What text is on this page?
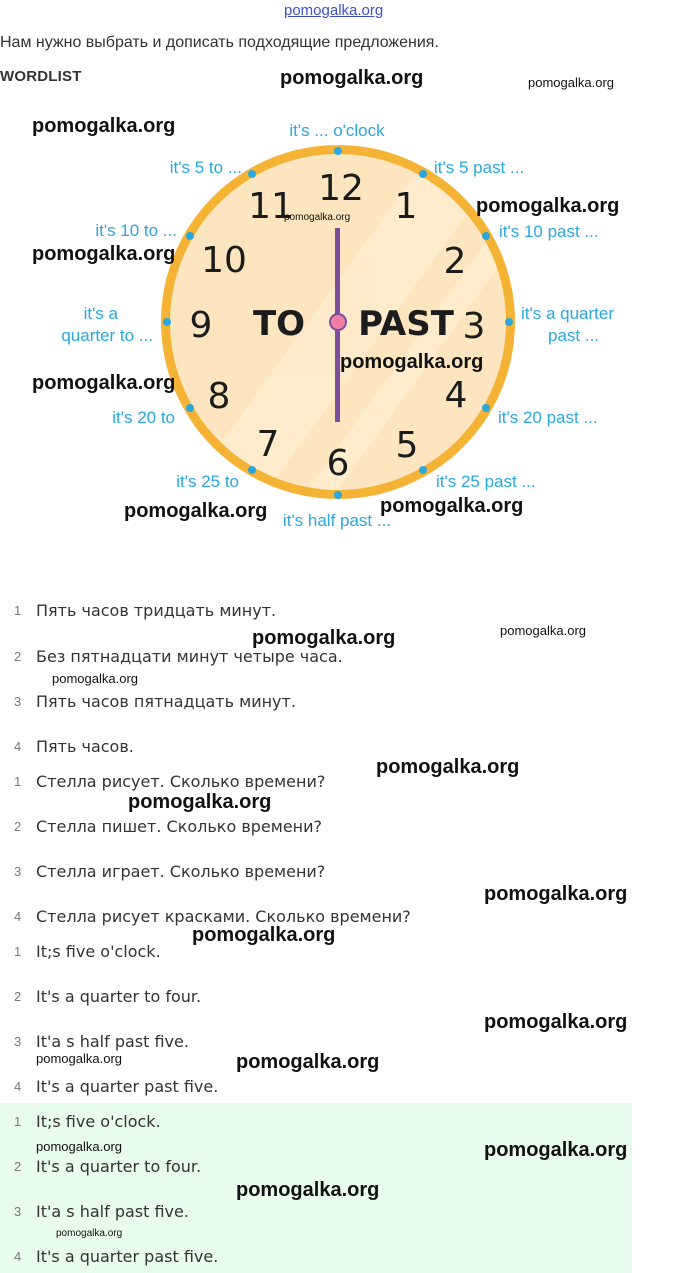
pomogalka.org
Нам нужно выбрать и дописать подходящие предложения.
WORDLIST
12 1
2
3
4
5
6
7
8
9
10
11
TO PAST
it's ... o'clock
it's 5 past ...
it's 10 past ...
it's a quarter
past ...
it's 20 past ...
it's 25 past ...
it's half past ...
it's 25 to
it's 20 to
it's a
quarter to ...
it's 10 to ...
it's 5 to ...
1 Пять часов тридцать минут.
2 Без пятнадцати минут четыре часа.
3 Пять часов пятнадцать минут.
4 Пять часов.
1 Стелла рисует. Сколько времени?
2 Стелла пишет. Сколько времени?
3 Стелла играет. Сколько времени?
4 Стелла рисует красками. Сколько времени?
1 It;s five o'clock.
2 It's a quarter to four.
3 It'a s half past five.
4 It's a quarter past five.
1 It;s five o'clock.
2 It's a quarter to four.
3 It'a s half past five.
4 It's a quarter past five.
pomogalka.org	pomogalka.org
pomogalka.org
pomogalka.org
pomogalka.org
pomogalka.org
pomogalka.org
pomogalka.org
pomogalka.org	pomogalka.org
pomogalka.org	pomogalka.org
pomogalka.org
pomogalka.org
pomogalka.org
pomogalka.org
pomogalka.org
pomogalka.org
pomogalka.org	pomogalka.org
pomogalka.org	pomogalka.org
pomogalka.org
pomogalka.org
